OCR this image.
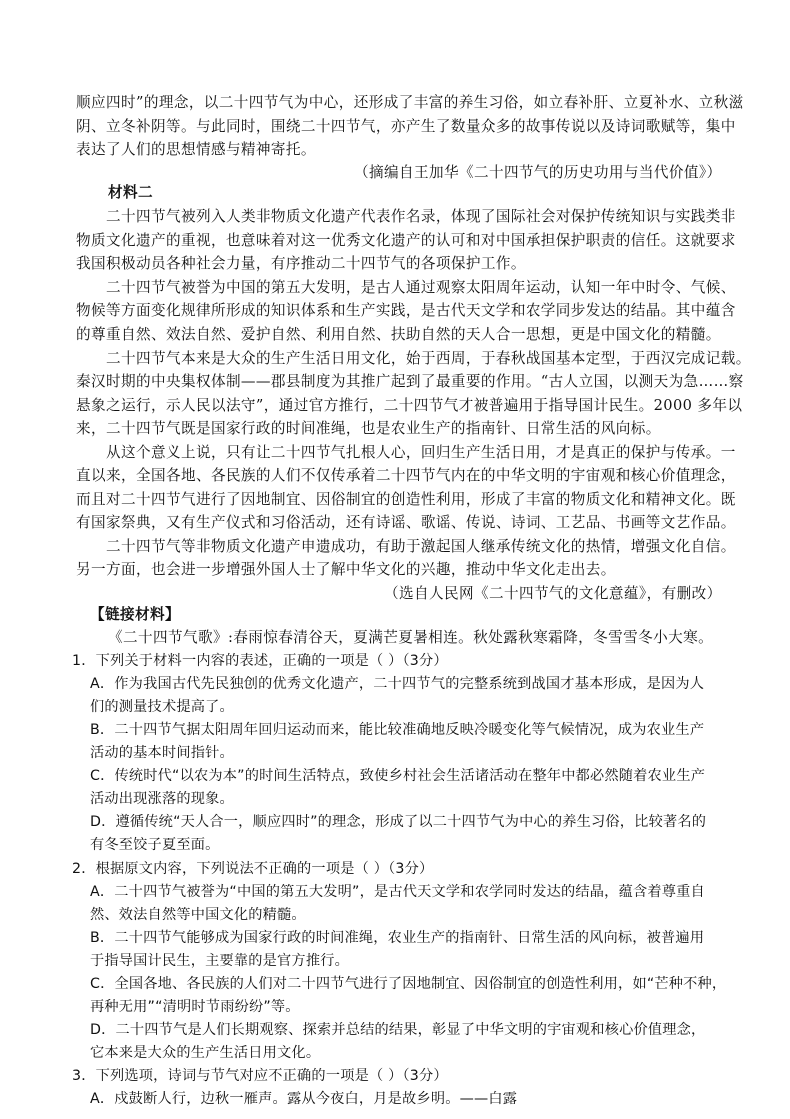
顺应四时”的理念，以二十四节气为中心，还形成了丰富的养生习俗，如立春补肝、立夏补水、立秋滋
阴、立冬补阴等。与此同时，围绕二十四节气，亦产生了数量众多的故事传说以及诗词歌赋等，集中
表达了人们的思想情感与精神寄托。
（摘编自王加华《二十四节气的历史功用与当代价值》）
材料二
二十四节气被列入人类非物质文化遗产代表作名录，体现了国际社会对保护传统知识与实践类非
物质文化遗产的重视，也意味着对这一优秀文化遗产的认可和对中国承担保护职责的信任。这就要求
我国积极动员各种社会力量，有序推动二十四节气的各项保护工作。
二十四节气被誉为中国的第五大发明，是古人通过观察太阳周年运动，认知一年中时令、气候、
物候等方面变化规律所形成的知识体系和生产实践，是古代天文学和农学同步发达的结晶。其中蕴含
的尊重自然、效法自然、爱护自然、利用自然、扶助自然的天人合一思想，更是中国文化的精髓。
二十四节气本来是大众的生产生活日用文化，始于西周，于春秋战国基本定型，于西汉完成记载。
秦汉时期的中央集权体制——郡县制度为其推广起到了最重要的作用。“古人立国，以测天为急……察
悬象之运行，示人民以法守”，通过官方推行，二十四节气才被普遍用于指导国计民生。2000 多年以
来，二十四节气既是国家行政的时间准绳，也是农业生产的指南针、日常生活的风向标。
从这个意义上说，只有让二十四节气扎根人心，回归生产生活日用，才是真正的保护与传承。一
直以来，全国各地、各民族的人们不仅传承着二十四节气内在的中华文明的宇宙观和核心价值理念，
而且对二十四节气进行了因地制宜、因俗制宜的创造性利用，形成了丰富的物质文化和精神文化。既
有国家祭典，又有生产仪式和习俗活动，还有诗谣、歌谣、传说、诗词、工艺品、书画等文艺作品。
二十四节气等非物质文化遗产申遗成功，有助于激起国人继承传统文化的热情，增强文化自信。
另一方面，也会进一步增强外国人士了解中华文化的兴趣，推动中华文化走出去。
（选自人民网《二十四节气的文化意蕴》，有删改）
【链接材料】
《二十四节气歌》:春雨惊春清谷天，夏满芒夏暑相连。秋处露秋寒霜降，冬雪雪冬小大寒。
1．下列关于材料一内容的表述，正确的一项是（ ）（3分）
A．作为我国古代先民独创的优秀文化遗产，二十四节气的完整系统到战国才基本形成，是因为人
们的测量技术提高了。
B．二十四节气据太阳周年回归运动而来，能比较准确地反映冷暖变化等气候情况，成为农业生产
活动的基本时间指针。
C．传统时代“以农为本”的时间生活特点，致使乡村社会生活诸活动在整年中都必然随着农业生产
活动出现涨落的现象。
D．遵循传统“天人合一，顺应四时”的理念，形成了以二十四节气为中心的养生习俗，比较著名的
有冬至饺子夏至面。
2．根据原文内容，下列说法不正确的一项是（ ）（3分）
A．二十四节气被誉为“中国的第五大发明”，是古代天文学和农学同时发达的结晶，蕴含着尊重自
然、效法自然等中国文化的精髓。
B．二十四节气能够成为国家行政的时间准绳，农业生产的指南针、日常生活的风向标，被普遍用
于指导国计民生，主要靠的是官方推行。
C．全国各地、各民族的人们对二十四节气进行了因地制宜、因俗制宜的创造性利用，如“芒种不种，
再种无用”“清明时节雨纷纷”等。
D．二十四节气是人们长期观察、探索并总结的结果，彰显了中华文明的宇宙观和核心价值理念，
它本来是大众的生产生活日用文化。
3．下列选项，诗词与节气对应不正确的一项是（ ）（3分）
A．戍鼓断人行，边秋一雁声。露从今夜白，月是故乡明。——白露
